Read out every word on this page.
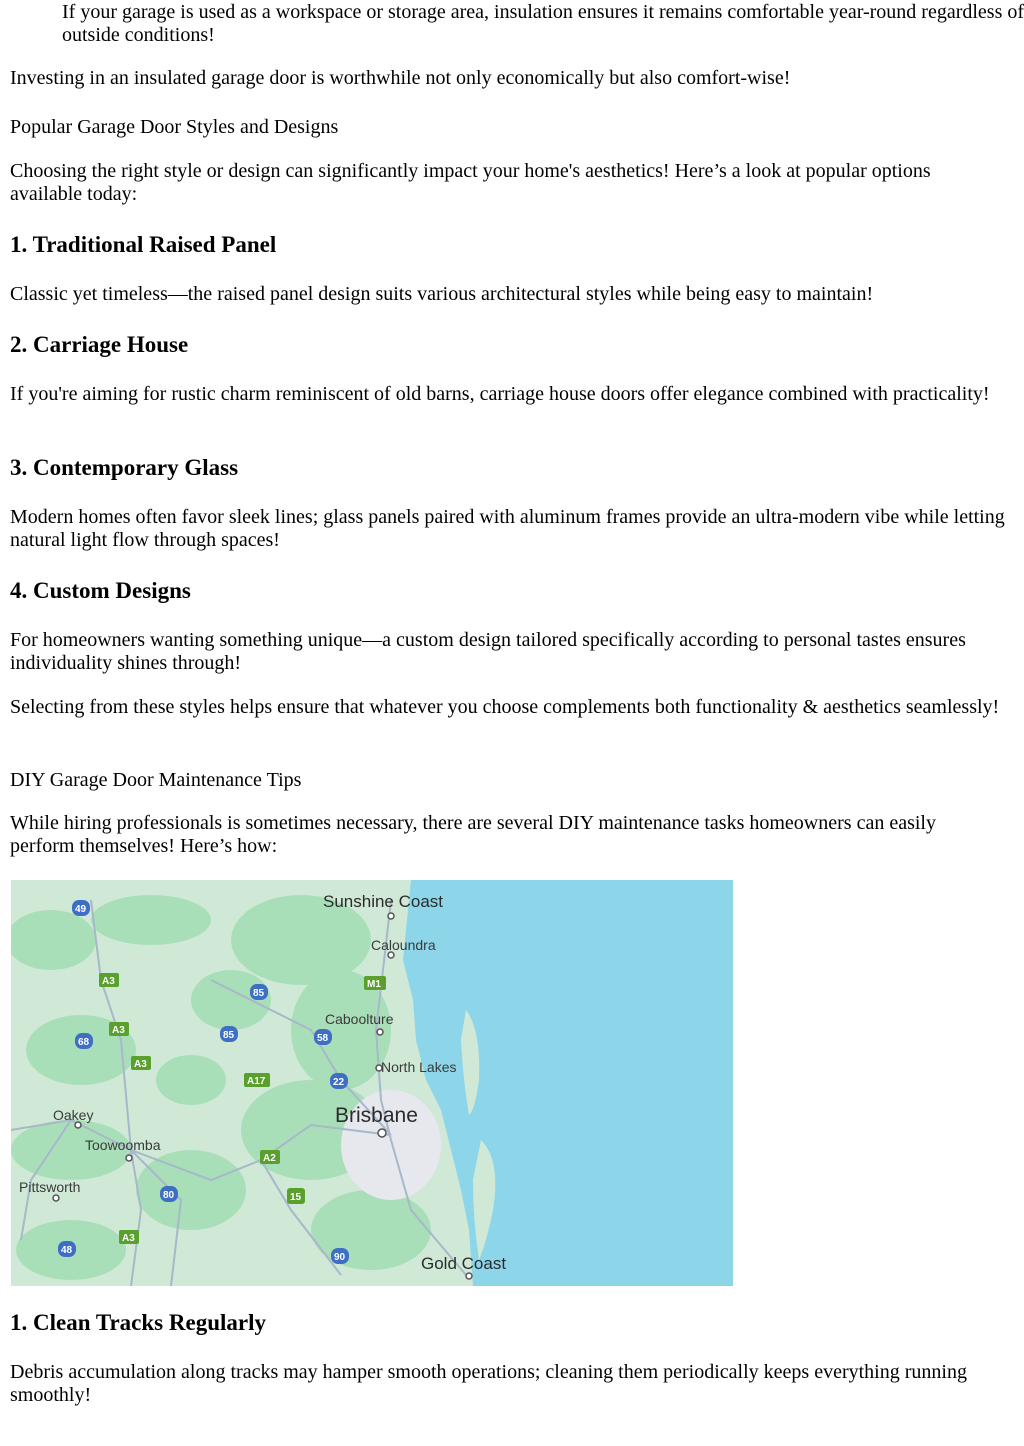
If your garage is used as a workspace or storage area, insulation ensures it remains comfortable year-round regardless of outside conditions!

Investing in an insulated garage door is worthwhile not only economically but also comfort-wise!

Popular Garage Door Styles and Designs

Choosing the right style or design can significantly impact your home's aesthetics! Here’s a look at popular options available today:

1. Traditional Raised Panel

Classic yet timeless—the raised panel design suits various architectural styles while being easy to maintain!

2. Carriage House

If you're aiming for rustic charm reminiscent of old barns, carriage house doors offer elegance combined with practicality!

3. Contemporary Glass

Modern homes often favor sleek lines; glass panels paired with aluminum frames provide an ultra-modern vibe while letting natural light flow through spaces!

4. Custom Designs

For homeowners wanting something unique—a custom design tailored specifically according to personal tastes ensures individuality shines through!

Selecting from these styles helps ensure that whatever you choose complements both functionality & aesthetics seamlessly!

DIY Garage Door Maintenance Tips

While hiring professionals is sometimes necessary, there are several DIY maintenance tasks homeowners can easily perform themselves! Here’s how:

1. Clean Tracks Regularly

Debris accumulation along tracks may hamper smooth operations; cleaning them periodically keeps everything running smoothly!

Sunshine Coast
Caloundra
Caboolture
North Lakes
Brisbane
Oakey
Toowoomba
Pittsworth
Gold Coast
49
A3
85
M1
A3
68
85	58
A3
A17	22
A2
80	15
A3
48
90
